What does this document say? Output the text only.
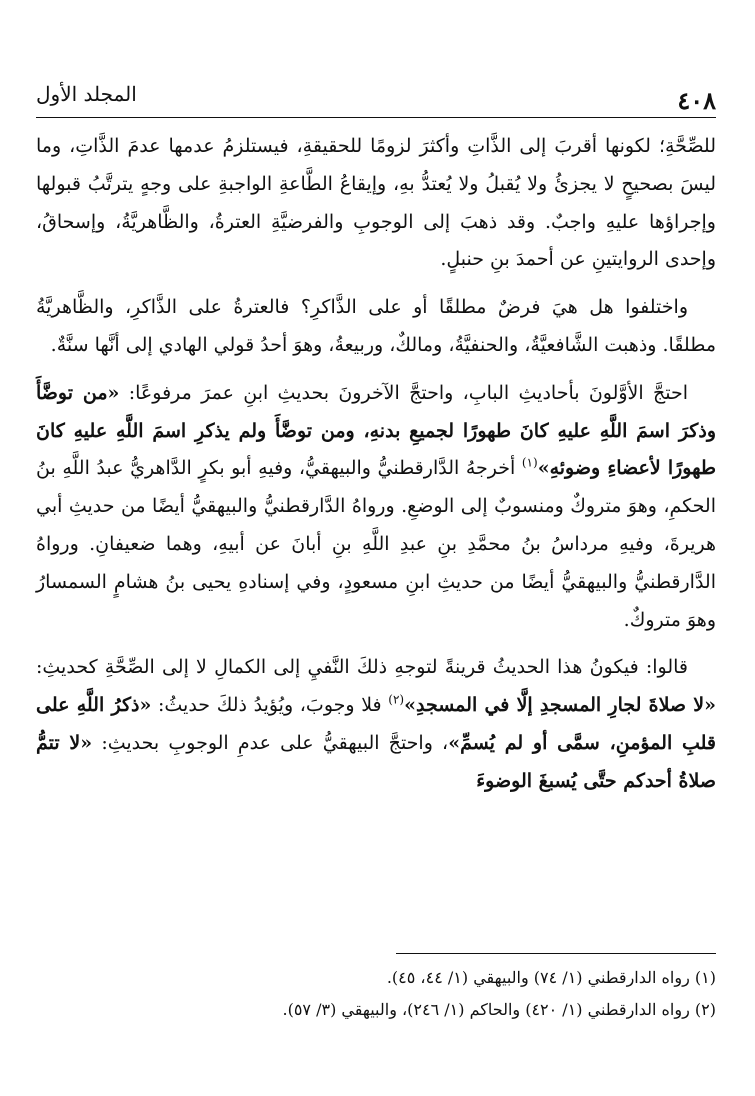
٤٠٨
المجلد الأول

للصِّحَّةِ؛ لكونها أقربَ إلى الذَّاتِ وأكثرَ لزومًا للحقيقةِ، فيستلزمُ عدمها عدمَ الذَّاتِ، وما ليسَ بصحيحٍ لا يجزئُ ولا يُقبلُ ولا يُعتدُّ بهِ، وإيقاعُ الطَّاعةِ الواجبةِ على وجهٍ يترتَّبُ قبولها وإجراؤها عليهِ واجبٌ. وقد ذهبَ إلى الوجوبِ والفرضيَّةِ العترةُ، والظَّاهريَّةُ، وإسحاقُ، وإحدى الروايتينِ عن أحمدَ بنِ حنبلٍ.

واختلفوا هل هيَ فرضٌ مطلقًا أو على الذَّاكرِ؟ فالعترةُ على الذَّاكرِ، والظَّاهريَّةُ مطلقًا. وذهبت الشَّافعيَّةُ، والحنفيَّةُ، ومالكٌ، وربيعةُ، وهوَ أحدُ قولي الهادي إلى أنَّها سنَّةٌ.

احتجَّ الأوَّلونَ بأحاديثِ البابِ، واحتجَّ الآخرونَ بحديثِ ابنِ عمرَ مرفوعًا: «من توضَّأَ وذكرَ اسمَ اللَّهِ عليهِ كانَ طهورًا لجميعِ بدنهِ، ومن توضَّأَ ولم يذكرِ اسمَ اللَّهِ عليهِ كانَ طهورًا لأعضاءِ وضوئهِ»$^{(١)}$ أخرجهُ الدَّارقطنيُّ والبيهقيُّ، وفيهِ أبو بكرٍ الدَّاهريُّ عبدُ اللَّهِ بنُ الحكمِ، وهوَ متروكٌ ومنسوبٌ إلى الوضعِ. ورواهُ الدَّارقطنيُّ والبيهقيُّ أيضًا من حديثِ أبي هريرةَ، وفيهِ مرداسُ بنُ محمَّدِ بنِ عبدِ اللَّهِ بنِ أبانَ عن أبيهِ، وهما ضعيفانِ. ورواهُ الدَّارقطنيُّ والبيهقيُّ أيضًا من حديثِ ابنِ مسعودٍ، وفي إسنادهِ يحيى بنُ هشامٍ السمسارُ وهوَ متروكٌ.

قالوا: فيكونُ هذا الحديثُ قرينةً لتوجهِ ذلكَ النَّفيِ إلى الكمالِ لا إلى الصِّحَّةِ كحديثِ: «لا صلاةَ لجارِ المسجدِ إلَّا في المسجدِ»$^{(٢)}$ فلا وجوبَ، ويُؤيدُ ذلكَ حديثُ: «ذكرُ اللَّهِ على قلبِ المؤمنِ، سمَّى أو لم يُسمِّ»، واحتجَّ البيهقيُّ على عدمِ الوجوبِ بحديثِ: «لا تتمُّ صلاةُ أحدكم حتَّى يُسبغَ الوضوءَ

(١) رواه الدارقطني (١/ ٧٤) والبيهقي (١/ ٤٤، ٤٥).

(٢) رواه الدارقطني (١/ ٤٢٠) والحاكم (١/ ٢٤٦)، والبيهقي (٣/ ٥٧).
